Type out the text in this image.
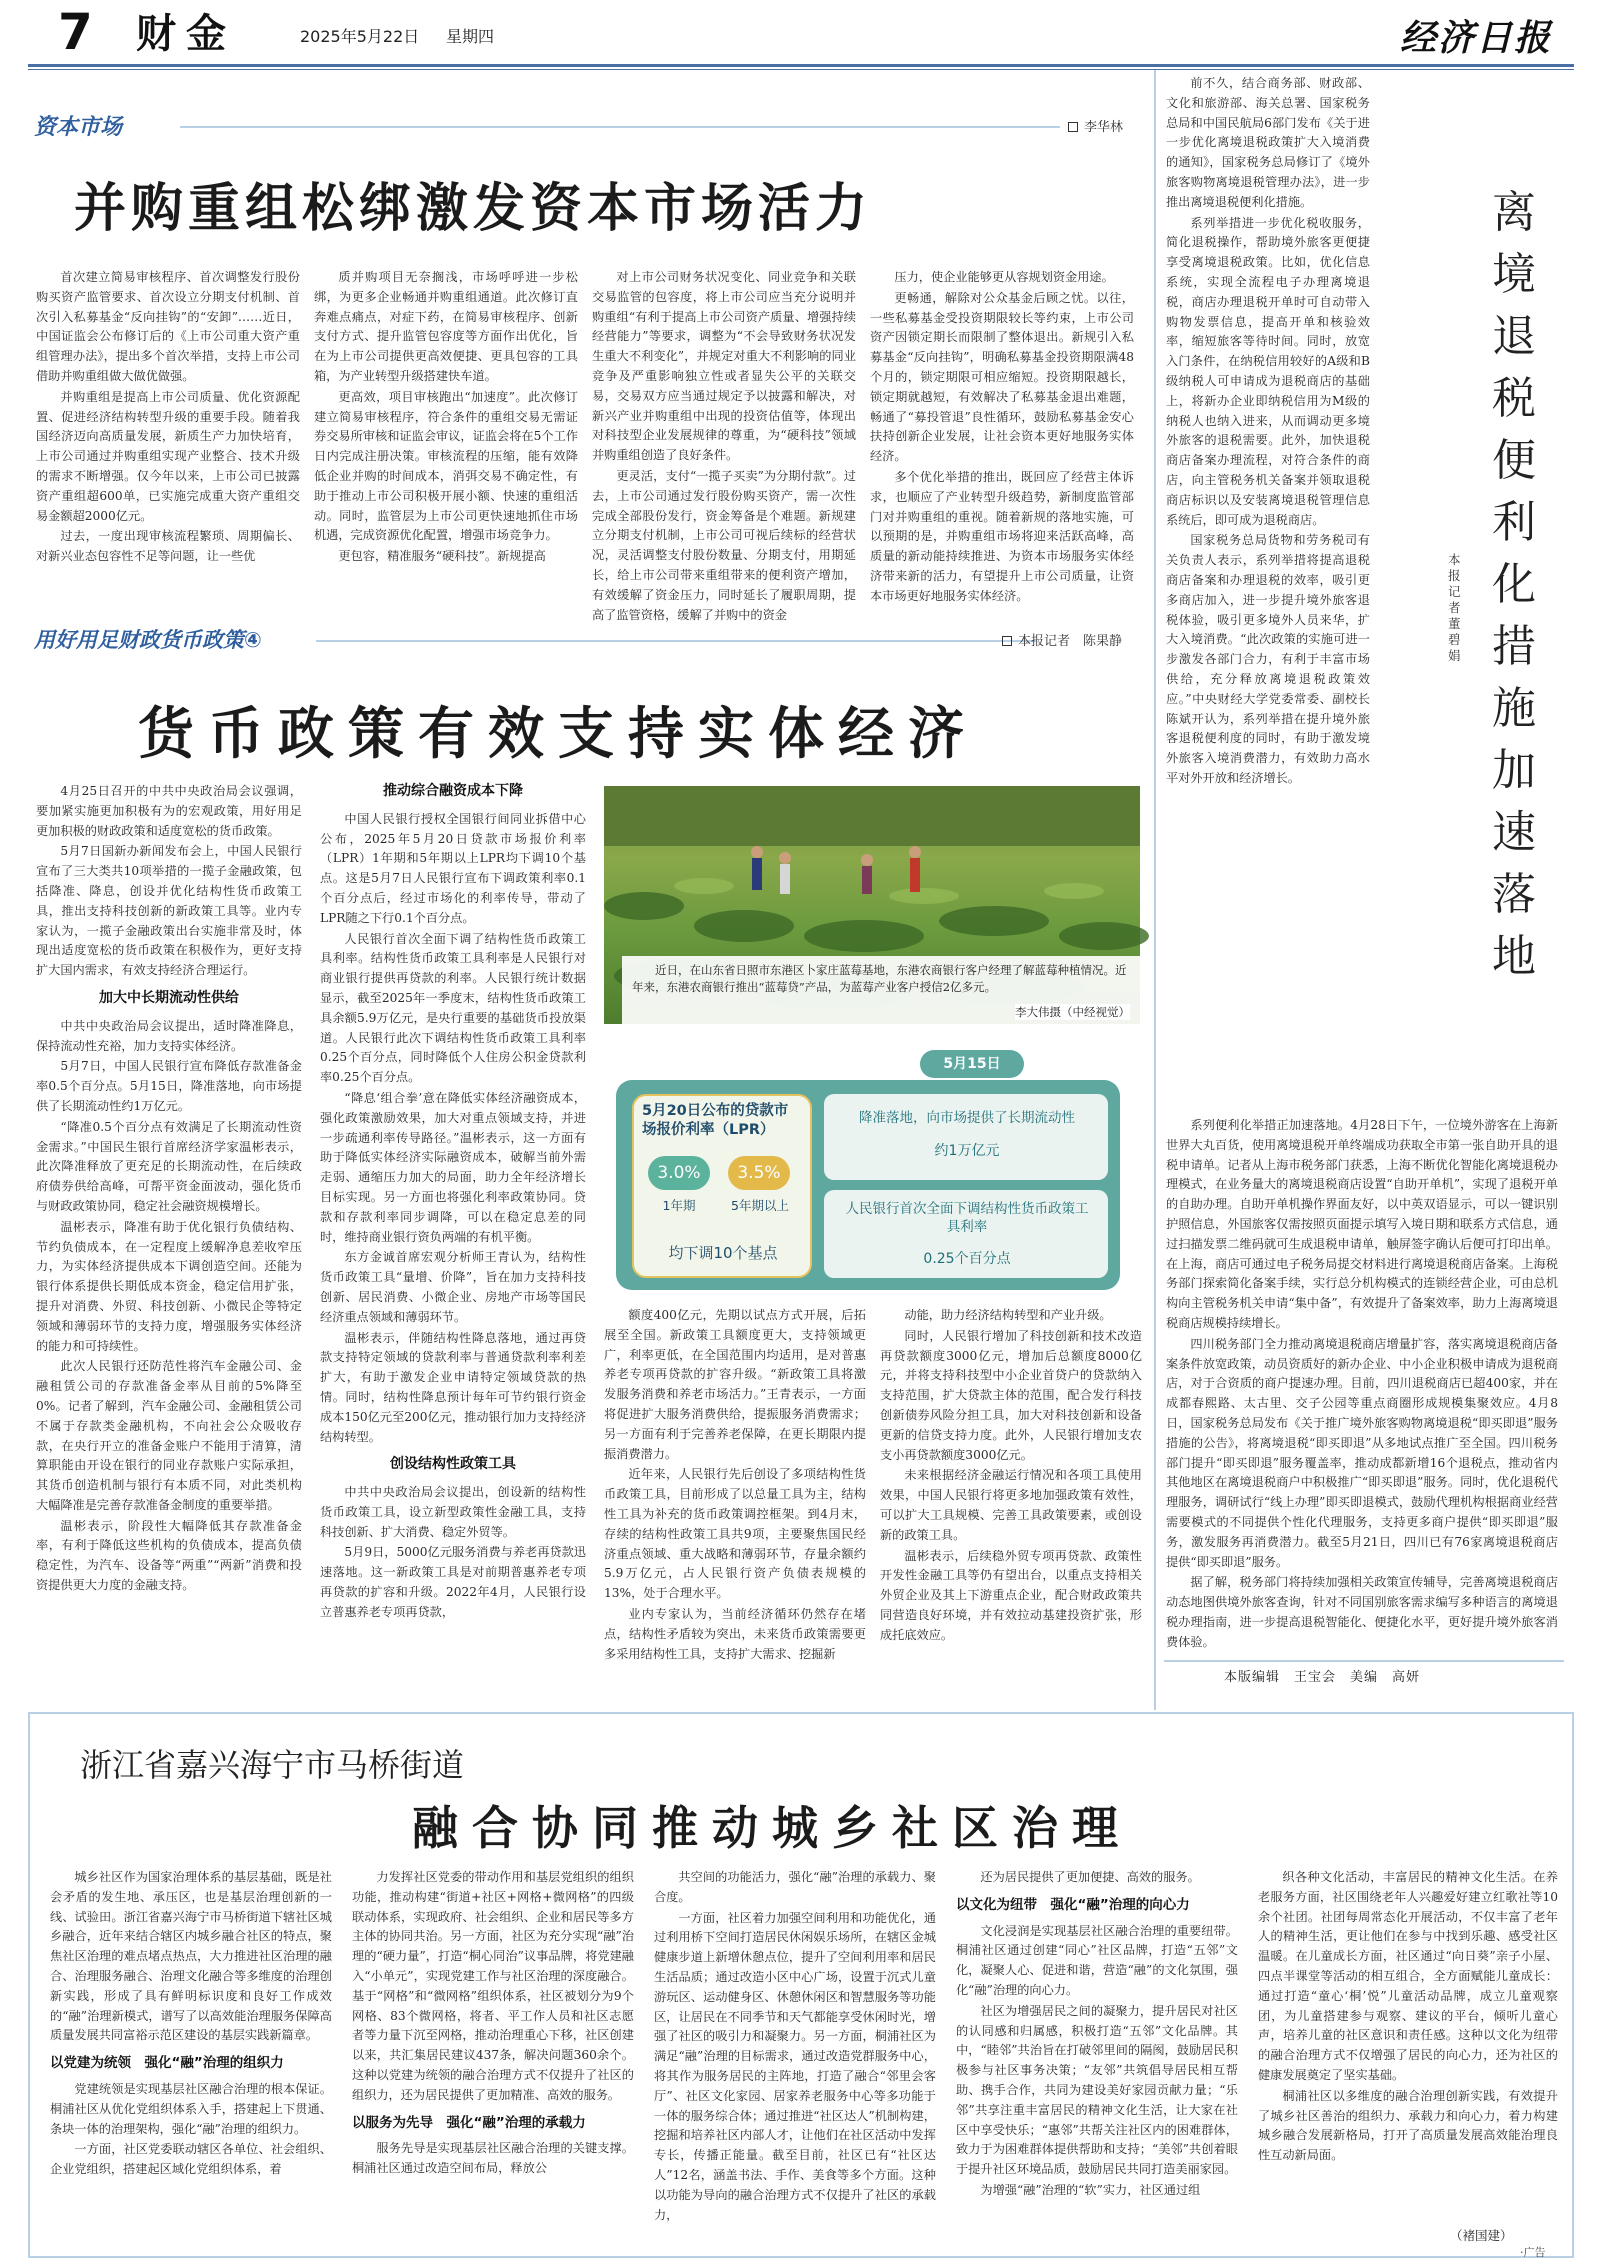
7 财金	2025年5月22日 星期四	经济日报
资本市场	李华林
并购重组松绑激发资本市场活力

首次建立简易审核程序、首次调整发行股份购买资产监管要求、首次设立分期支付机制、首次引入私募基金“反向挂钩”的“安卸”……近日，中国证监会公布修订后的《上市公司重大资产重组管理办法》，提出多个首次举措，支持上市公司借助并购重组做大做优做强。

并购重组是提高上市公司质量、优化资源配置、促进经济结构转型升级的重要手段。随着我国经济迈向高质量发展，新质生产力加快培育，上市公司通过并购重组实现产业整合、技术升级的需求不断增强。仅今年以来，上市公司已披露资产重组超600单，已实施完成重大资产重组交易金额超2000亿元。

过去，一度出现审核流程繁琐、周期偏长、对新兴业态包容性不足等问题，让一些优

质并购项目无奈搁浅，市场呼呼进一步松绑，为更多企业畅通并购重组通道。此次修订直奔难点痛点，对症下药，在简易审核程序、创新支付方式、提升监管包容度等方面作出优化，旨在为上市公司提供更高效便捷、更具包容的工具箱，为产业转型升级搭建快车道。

更高效，项目审核跑出“加速度”。此次修订建立简易审核程序，符合条件的重组交易无需证券交易所审核和证监会审议，证监会将在5个工作日内完成注册决策。审核流程的压缩，能有效降低企业并购的时间成本，消弭交易不确定性，有助于推动上市公司积极开展小额、快速的重组活动。同时，监管层为上市公司更快速地抓住市场机遇，完成资源优化配置，增强市场竞争力。

更包容，精准服务“硬科技”。新规提高

对上市公司财务状况变化、同业竞争和关联交易监管的包容度，将上市公司应当充分说明并购重组“有利于提高上市公司资产质量、增强持续经营能力”等要求，调整为“不会导致财务状况发生重大不利变化”，并规定对重大不利影响的同业竞争及严重影响独立性或者显失公平的关联交易，交易双方应当通过规定予以披露和解决，对新兴产业并购重组中出现的投资估值等，体现出对科技型企业发展规律的尊重，为“硬科技”领域并购重组创造了良好条件。

更灵活，支付“一揽子买卖”为分期付款”。过去，上市公司通过发行股份购买资产，需一次性完成全部股份发行，资金筹备是个难题。新规建立分期支付机制，上市公司可视后续标的经营状况，灵活调整支付股份数量、分期支付，用期延长，给上市公司带来重组带来的便利资产增加，有效缓解了资金压力，同时延长了履职周期，提高了监管资格，缓解了并购中的资金

压力，使企业能够更从容规划资金用途。

更畅通，解除对公众基金后顾之忧。以往，一些私募基金受投资期限较长等约束，上市公司资产因锁定期长而限制了整体退出。新规引入私募基金“反向挂钩”，明确私募基金投资期限满48个月的，锁定期限可相应缩短。投资期限越长，锁定期就越短，有效解决了私募基金退出难题，畅通了“募投管退”良性循环，鼓励私募基金安心扶持创新企业发展，让社会资本更好地服务实体经济。

多个优化举措的推出，既回应了经营主体诉求，也顺应了产业转型升级趋势，新制度监管部门对并购重组的重视。随着新规的落地实施，可以预期的是，并购重组市场将迎来活跃高峰，高质量的新动能持续推进、为资本市场服务实体经济带来新的活力，有望提升上市公司质量，让资本市场更好地服务实体经济。

用好用足财政货币政策④	本报记者　陈果静
货币政策有效支持实体经济

4月25日召开的中共中央政治局会议强调，要加紧实施更加积极有为的宏观政策，用好用足更加积极的财政政策和适度宽松的货币政策。

5月7日国新办新闻发布会上，中国人民银行宣布了三大类共10项举措的一揽子金融政策，包括降准、降息，创设并优化结构性货币政策工具，推出支持科技创新的新政策工具等。业内专家认为，一揽子金融政策出台实施非常及时，体现出适度宽松的货币政策在积极作为，更好支持扩大国内需求，有效支持经济合理运行。

加大中长期流动性供给

中共中央政治局会议提出，适时降准降息，保持流动性充裕，加力支持实体经济。

5月7日，中国人民银行宣布降低存款准备金率0.5个百分点。5月15日，降准落地，向市场提供了长期流动性约1万亿元。

“降准0.5个百分点有效满足了长期流动性资金需求。”中国民生银行首席经济学家温彬表示，此次降准释放了更充足的长期流动性，在后续政府债券供给高峰，可帮平资金面波动，强化货币与财政政策协同，稳定社会融资规模增长。

温彬表示，降准有助于优化银行负债结构、节约负债成本，在一定程度上缓解净息差收窄压力，为实体经济提供成本下调创造空间。还能为银行体系提供长期低成本资金，稳定信用扩张，提升对消费、外贸、科技创新、小微民企等特定领域和薄弱环节的支持力度，增强服务实体经济的能力和可持续性。

此次人民银行还防范性将汽车金融公司、金融租赁公司的存款准备金率从目前的5%降至0%。记者了解到，汽车金融公司、金融租赁公司不属于存款类金融机构，不向社会公众吸收存款，在央行开立的准备金账户不能用于清算，清算职能由开设在银行的同业存款账户实际承担，其货币创造机制与银行有本质不同，对此类机构大幅降准是完善存款准备金制度的重要举措。

温彬表示，阶段性大幅降低其存款准备金率，有利于降低这些机构的负债成本，提高负债稳定性，为汽车、设备等“两重”“两新”消费和投资提供更大力度的金融支持。

推动综合融资成本下降

中国人民银行授权全国银行间同业拆借中心公布，2025年5月20日贷款市场报价利率（LPR）1年期和5年期以上LPR均下调10个基点。这是5月7日人民银行宣布下调政策利率0.1个百分点后，经过市场化的利率传导，带动了LPR随之下行0.1个百分点。

人民银行首次全面下调了结构性货币政策工具利率。结构性货币政策工具利率是人民银行对商业银行提供再贷款的利率。人民银行统计数据显示，截至2025年一季度末，结构性货币政策工具余额5.9万亿元，是央行重要的基础货币投放渠道。人民银行此次下调结构性货币政策工具利率0.25个百分点，同时降低个人住房公积金贷款利率0.25个百分点。

“降息‘组合拳’意在降低实体经济融资成本，强化政策激励效果，加大对重点领域支持，并进一步疏通利率传导路径。”温彬表示，这一方面有助于降低实体经济实际融资成本，破解当前外需走弱、通缩压力加大的局面，助力全年经济增长目标实现。另一方面也将强化利率政策协同。贷款和存款利率同步调降，可以在稳定息差的同时，维持商业银行资负两端的有机平衡。

东方金诚首席宏观分析师王青认为，结构性货币政策工具“量增、价降”，旨在加力支持科技创新、居民消费、小微企业、房地产市场等国民经济重点领域和薄弱环节。

温彬表示，伴随结构性降息落地，通过再贷款支持特定领域的贷款利率与普通贷款利率利差扩大，有助于激发企业申请特定领域贷款的热情。同时，结构性降息预计每年可节约银行资金成本150亿元至200亿元，推动银行加力支持经济结构转型。

创设结构性政策工具

中共中央政治局会议提出，创设新的结构性货币政策工具，设立新型政策性金融工具，支持科技创新、扩大消费、稳定外贸等。

5月9日，5000亿元服务消费与养老再贷款迅速落地。这一新政策工具是对前期普惠养老专项再贷款的扩容和升级。2022年4月，人民银行设立普惠养老专项再贷款，

近日，在山东省日照市东港区卜家庄蓝莓基地，东港农商银行客户经理了解蓝莓种植情况。近年来，东港农商银行推出“蓝莓贷”产品，为蓝莓产业客户授信2亿多元。
李大伟摄（中经视觉）
5月20日公布的贷款市场报价利率（LPR）
3.0%	3.5%
1年期	5年期以上
均下调10个基点
5月15日
降准落地，向市场提供了长期流动性
约1万亿元
人民银行首次全面下调结构性货币政策工具利率
0.25个百分点

额度400亿元，先期以试点方式开展，后拓展至全国。新政策工具额度更大，支持领域更广，利率更低，在全国范围内均适用，是对普惠养老专项再贷款的扩容升级。“新政策工具将激发服务消费和养老市场活力。”王青表示，一方面将促进扩大服务消费供给，提振服务消费需求；另一方面有利于完善养老保障，在更长期限内提振消费潜力。

近年来，人民银行先后创设了多项结构性货币政策工具，目前形成了以总量工具为主，结构性工具为补充的货币政策调控框架。到4月末，存续的结构性政策工具共9项，主要聚焦国民经济重点领域、重大战略和薄弱环节，存量余额约5.9万亿元，占人民银行资产负债表规模的13%，处于合理水平。

业内专家认为，当前经济循环仍然存在堵点，结构性矛盾较为突出，未来货币政策需要更多采用结构性工具，支持扩大需求、挖掘新

动能，助力经济结构转型和产业升级。

同时，人民银行增加了科技创新和技术改造再贷款额度3000亿元，增加后总额度8000亿元，并将支持科技型中小企业首贷户的贷款纳入支持范围，扩大贷款主体的范围，配合发行科技创新债券风险分担工具，加大对科技创新和设备更新的信贷支持力度。此外，人民银行增加支农支小再贷款额度3000亿元。

未来根据经济金融运行情况和各项工具使用效果，中国人民银行将更多地加强政策有效性，可以扩大工具规模、完善工具政策要素，或创设新的政策工具。

温彬表示，后续稳外贸专项再贷款、政策性开发性金融工具等仍有望出台，以重点支持相关外贸企业及其上下游重点企业，配合财政政策共同营造良好环境，并有效拉动基建投资扩张，形成托底效应。

前不久，结合商务部、财政部、文化和旅游部、海关总署、国家税务总局和中国民航局6部门发布《关于进一步优化离境退税政策扩大入境消费的通知》，国家税务总局修订了《境外旅客购物离境退税管理办法》，进一步推出离境退税便利化措施。

系列举措进一步优化税收服务，简化退税操作，帮助境外旅客更便捷享受离境退税政策。比如，优化信息系统，实现全流程电子办理离境退税，商店办理退税开单时可自动带入购物发票信息，提高开单和核验效率，缩短旅客等待时间。同时，放宽入门条件，在纳税信用较好的A级和B级纳税人可申请成为退税商店的基础上，将新办企业即纳税信用为M级的纳税人也纳入进来，从而调动更多境外旅客的退税需要。此外，加快退税商店备案办理流程，对符合条件的商店，向主管税务机关备案并领取退税商店标识以及安装离境退税管理信息系统后，即可成为退税商店。

国家税务总局货物和劳务税司有关负责人表示，系列举措将提高退税商店备案和办理退税的效率，吸引更多商店加入，进一步提升境外旅客退税体验，吸引更多境外人员来华，扩大入境消费。“此次政策的实施可进一步激发各部门合力，有利于丰富市场供给，充分释放离境退税政策效应。”中央财经大学党委常委、副校长陈斌开认为，系列举措在提升境外旅客退税便利度的同时，有助于激发境外旅客入境消费潜力，有效助力高水平对外开放和经济增长。

离
境
退
税
便
利
化
措
施
加
速
落
地
本报记者　董碧娟

系列便利化举措正加速落地。4月28日下午，一位境外游客在上海新世界大丸百货，使用离境退税开单终端成功获取全市第一张自助开具的退税申请单。记者从上海市税务部门获悉，上海不断优化智能化离境退税办理模式，在业务量大的离境退税商店设置“自助开单机”，实现了退税开单的自助办理。自助开单机操作界面友好，以中英双语显示，可以一键识别护照信息，外国旅客仅需按照页面提示填写入境日期和联系方式信息，通过扫描发票二维码就可生成退税申请单，触屏签字确认后便可打印出单。在上海，商店可通过电子税务局提交材料进行离境退税商店备案。上海税务部门探索简化备案手续，实行总分机构模式的连锁经营企业，可由总机构向主管税务机关申请“集中备”，有效提升了备案效率，助力上海离境退税商店规模持续增长。

四川税务部门全力推动离境退税商店增量扩容，落实离境退税商店备案条件放宽政策，动员资质好的新办企业、中小企业积极申请成为退税商店，对于合资质的商户提速办理。目前，四川退税商店已超400家，并在成都春熙路、太古里、交子公园等重点商圈形成规模集聚效应。4月8日，国家税务总局发布《关于推广境外旅客购物离境退税“即买即退”服务措施的公告》，将离境退税“即买即退”从多地试点推广至全国。四川税务部门提升“即买即退”服务覆盖率，推动成都新增16个退税点，推动省内其他地区在离境退税商户中积极推广“即买即退”服务。同时，优化退税代理服务，调研试行“线上办理”即买即退模式，鼓励代理机构根据商业经营需要模式的不同提供个性化代理服务，支持更多商户提供“即买即退”服务，激发服务再消费潜力。截至5月21日，四川已有76家离境退税商店提供“即买即退”服务。

据了解，税务部门将持续加强相关政策宣传辅导，完善离境退税商店动态地图供境外旅客查询，针对不同国别旅客需求编写多种语言的离境退税办理指南，进一步提高退税智能化、便捷化水平，更好提升境外旅客消费体验。

本版编辑　王宝会　美编　高妍
浙江省嘉兴海宁市马桥街道
融合协同推动城乡社区治理

城乡社区作为国家治理体系的基层基础，既是社会矛盾的发生地、承压区，也是基层治理创新的一线、试验田。浙江省嘉兴海宁市马桥街道下辖社区城乡融合，近年来结合辖区内城乡融合社区的特点，聚焦社区治理的难点堵点热点，大力推进社区治理的融合、治理服务融合、治理文化融合等多维度的治理创新实践，形成了具有鲜明标识度和良好工作成效的“融”治理新模式，谱写了以高效能治理服务保障高质量发展共同富裕示范区建设的基层实践新篇章。

以党建为统领　强化“融”治理的组织力

党建统领是实现基层社区融合治理的根本保证。桐浦社区从优化党组织体系入手，搭建起上下贯通、条块一体的治理架构，强化“融”治理的组织力。

一方面，社区党委联动辖区各单位、社会组织、企业党组织，搭建起区域化党组织体系，着

力发挥社区党委的带动作用和基层党组织的组织功能，推动构建“街道+社区+网格+微网格”的四级联动体系，实现政府、社会组织、企业和居民等多方主体的协同共治。另一方面，社区为充分实现“融”治理的“硬力量”，打造“桐心同治”议事品牌，将党建融入“小单元”，实现党建工作与社区治理的深度融合。基于“网格”和“微网格”组织体系，社区被划分为9个网格、83个微网格，将者、平工作人员和社区志愿者等力量下沉至网格，推动治理重心下移，社区创建以来，共汇集居民建议437条，解决问题360余个。这种以党建为统领的融合治理方式不仅提升了社区的组织力，还为居民提供了更加精准、高效的服务。

以服务为先导　强化“融”治理的承载力

服务先导是实现基层社区融合治理的关键支撑。桐浦社区通过改造空间布局，释放公

共空间的功能活力，强化“融”治理的承载力、聚合度。

一方面，社区着力加强空间利用和功能优化，通过利用桥下空间打造居民休闲娱乐场所，在辖区金城健康步道上新增休憩点位，提升了空间利用率和居民生活品质；通过改造小区中心广场，设置于沉式儿童游玩区、运动健身区、休憩休闲区和智慧服务等功能区，让居民在不同季节和天气都能享受休闲时光，增强了社区的吸引力和凝聚力。另一方面，桐浦社区为满足“融”治理的目标需求，通过改造党群服务中心，将其作为服务居民的主阵地，打造了融合“邻里会客厅”、社区文化家园、居家养老服务中心等多功能于一体的服务综合体；通过推进“社区达人”机制构建，挖掘和培养社区内部人才，让他们在社区活动中发挥专长，传播正能量。截至目前，社区已有“社区达人”12名，涵盖书法、手作、美食等多个方面。这种以功能为导向的融合治理方式不仅提升了社区的承载力，

还为居民提供了更加便捷、高效的服务。

以文化为纽带　强化“融”治理的向心力

文化浸润是实现基层社区融合治理的重要纽带。桐浦社区通过创建“同心”社区品牌，打造“五邻”文化，凝聚人心、促进和谐，营造“融”的文化氛围，强化“融”治理的向心力。

社区为增强居民之间的凝聚力，提升居民对社区的认同感和归属感，积极打造“五邻”文化品牌。其中，“睦邻”共治旨在打破邻里间的隔阂，鼓励居民积极参与社区事务决策；“友邻”共筑倡导居民相互帮助、携手合作，共同为建设美好家园贡献力量；“乐邻”共享注重丰富居民的精神文化生活，让大家在社区中享受快乐；“惠邻”共帮关注社区内的困难群体，致力于为困难群体提供帮助和支持；“美邻”共创着眼于提升社区环境品质，鼓励居民共同打造美丽家园。

为增强“融”治理的“软”实力，社区通过组

织各种文化活动，丰富居民的精神文化生活。在养老服务方面，社区围绕老年人兴趣爱好建立红歌社等10余个社团。社团每周常态化开展活动，不仅丰富了老年人的精神生活，更让他们在参与中找到乐趣、感受社区温暖。在儿童成长方面，社区通过“向日葵”亲子小屋、四点半课堂等活动的相互组合，全方面赋能儿童成长：通过打造“童心‘桐’悦”儿童活动品牌，成立儿童观察团，为儿童搭建参与观察、建议的平台，倾听儿童心声，培养儿童的社区意识和责任感。这种以文化为纽带的融合治理方式不仅增强了居民的向心力，还为社区的健康发展奠定了坚实基础。

桐浦社区以多维度的融合治理创新实践，有效提升了城乡社区善治的组织力、承载力和向心力，着力构建城乡融合发展新格局，打开了高质量发展高效能治理良性互动新局面。

（褚国建）
·广告
